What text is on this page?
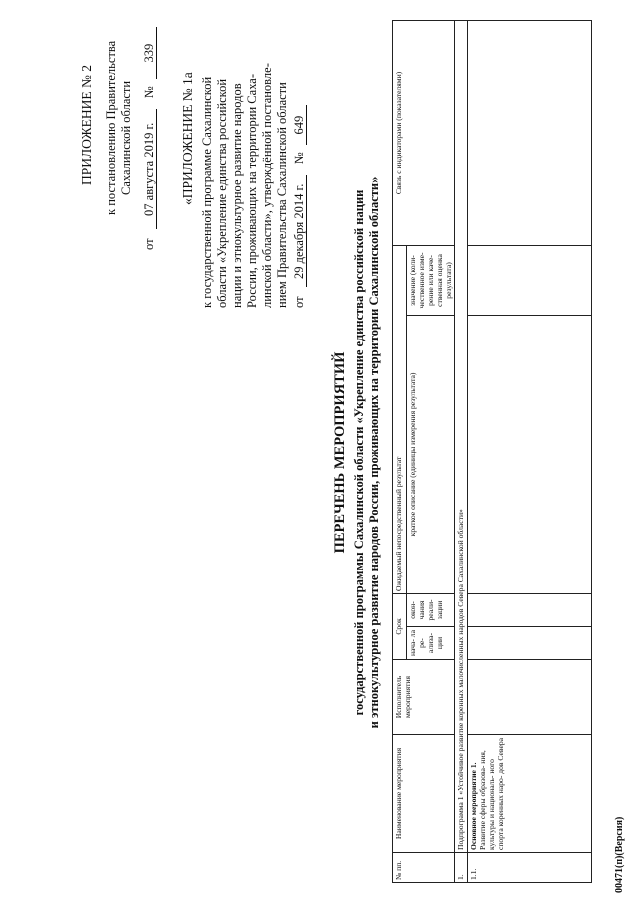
ПРИЛОЖЕНИЕ № 2 к постановлению Правительства Сахалинской области
от 07 августа 2019 г. № 339
«ПРИЛОЖЕНИЕ № 1а к государственной программе Сахалинской области «Укрепление единства российской нации и этнокультурное развитие народов России, проживающих на территории Саха- линской области», утверждённой постановле- нием Правительства Сахалинской области от 29 декабря 2014 г. № 649
ПЕРЕЧЕНЬ МЕРОПРИЯТИЙ государственной программы Сахалинской области «Укрепление единства российской нации и этнокультурное развитие народов России, проживающих на территории Сахалинской области»
№ пп.	Наименование мероприятия	Исполнитель мероприятия	Срок		Ожидаемый непосредственный результат		Связь с индикаторами (показателями)
			нача- ла ре- ализа- ции	окон- чания реали- зации	краткое описание (единицы измерения результата)	значение (коли- чественное изме- рение или каче- ственная оценка результата)	

1.	Подпрограмма 1 «Устойчивое развитие коренных малочисленных народов Севера Сахалинской области»						
1.1.	Основное мероприятие 1. Развитие сферы образова- ния, культуры и националь- ного спорта коренных наро- дов Севера						

00471(п)(Версия)
